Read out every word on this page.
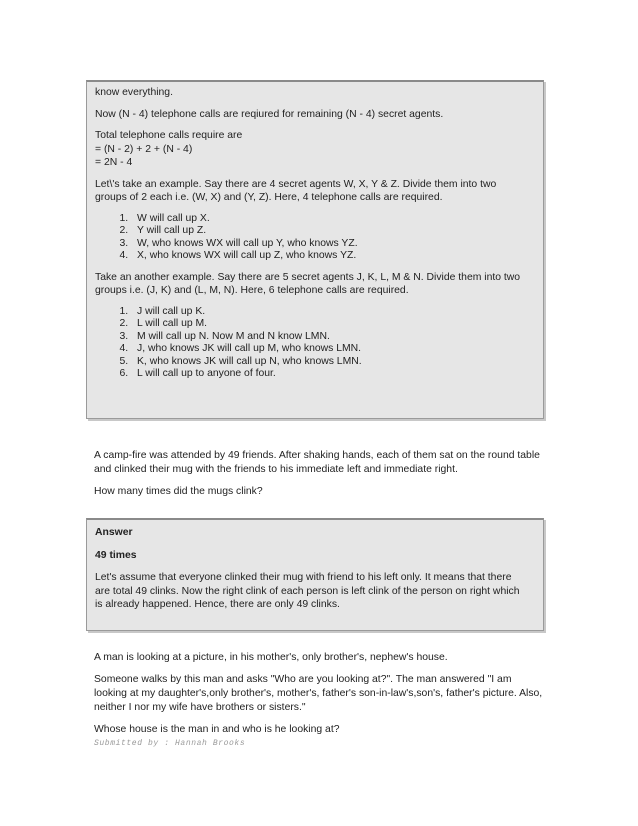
know everything.

Now (N - 4) telephone calls are reqiured for remaining (N - 4) secret agents.

Total telephone calls require are

= (N - 2) + 2 + (N - 4)

= 2N - 4

Let\'s take an example. Say there are 4 secret agents W, X, Y & Z. Divide them into two

groups of 2 each i.e. (W, X) and (Y, Z). Here, 4 telephone calls are required.

1. W will call up X.
2. Y will call up Z.
3. W, who knows WX will call up Y, who knows YZ.
4. X, who knows WX will call up Z, who knows YZ.

Take an another example. Say there are 5 secret agents J, K, L, M & N. Divide them into two

groups i.e. (J, K) and (L, M, N). Here, 6 telephone calls are required.

1. J will call up K.
2. L will call up M.
3. M will call up N. Now M and N know LMN.
4. J, who knows JK will call up M, who knows LMN.
5. K, who knows JK will call up N, who knows LMN.
6. L will call up to anyone of four.

A camp-fire was attended by 49 friends. After shaking hands, each of them sat on the round table

and clinked their mug with the friends to his immediate left and immediate right.

How many times did the mugs clink?

Answer

49 times

Let's assume that everyone clinked their mug with friend to his left only. It means that there

are total 49 clinks. Now the right clink of each person is left clink of the person on right which

is already happened. Hence, there are only 49 clinks.

A man is looking at a picture, in his mother's, only brother's, nephew's house.

Someone walks by this man and asks "Who are you looking at?". The man answered "I am

looking at my daughter's,only brother's, mother's, father's son-in-law's,son's, father's picture. Also,

neither I nor my wife have brothers or sisters."

Whose house is the man in and who is he looking at?

Submitted by : Hannah Brooks
